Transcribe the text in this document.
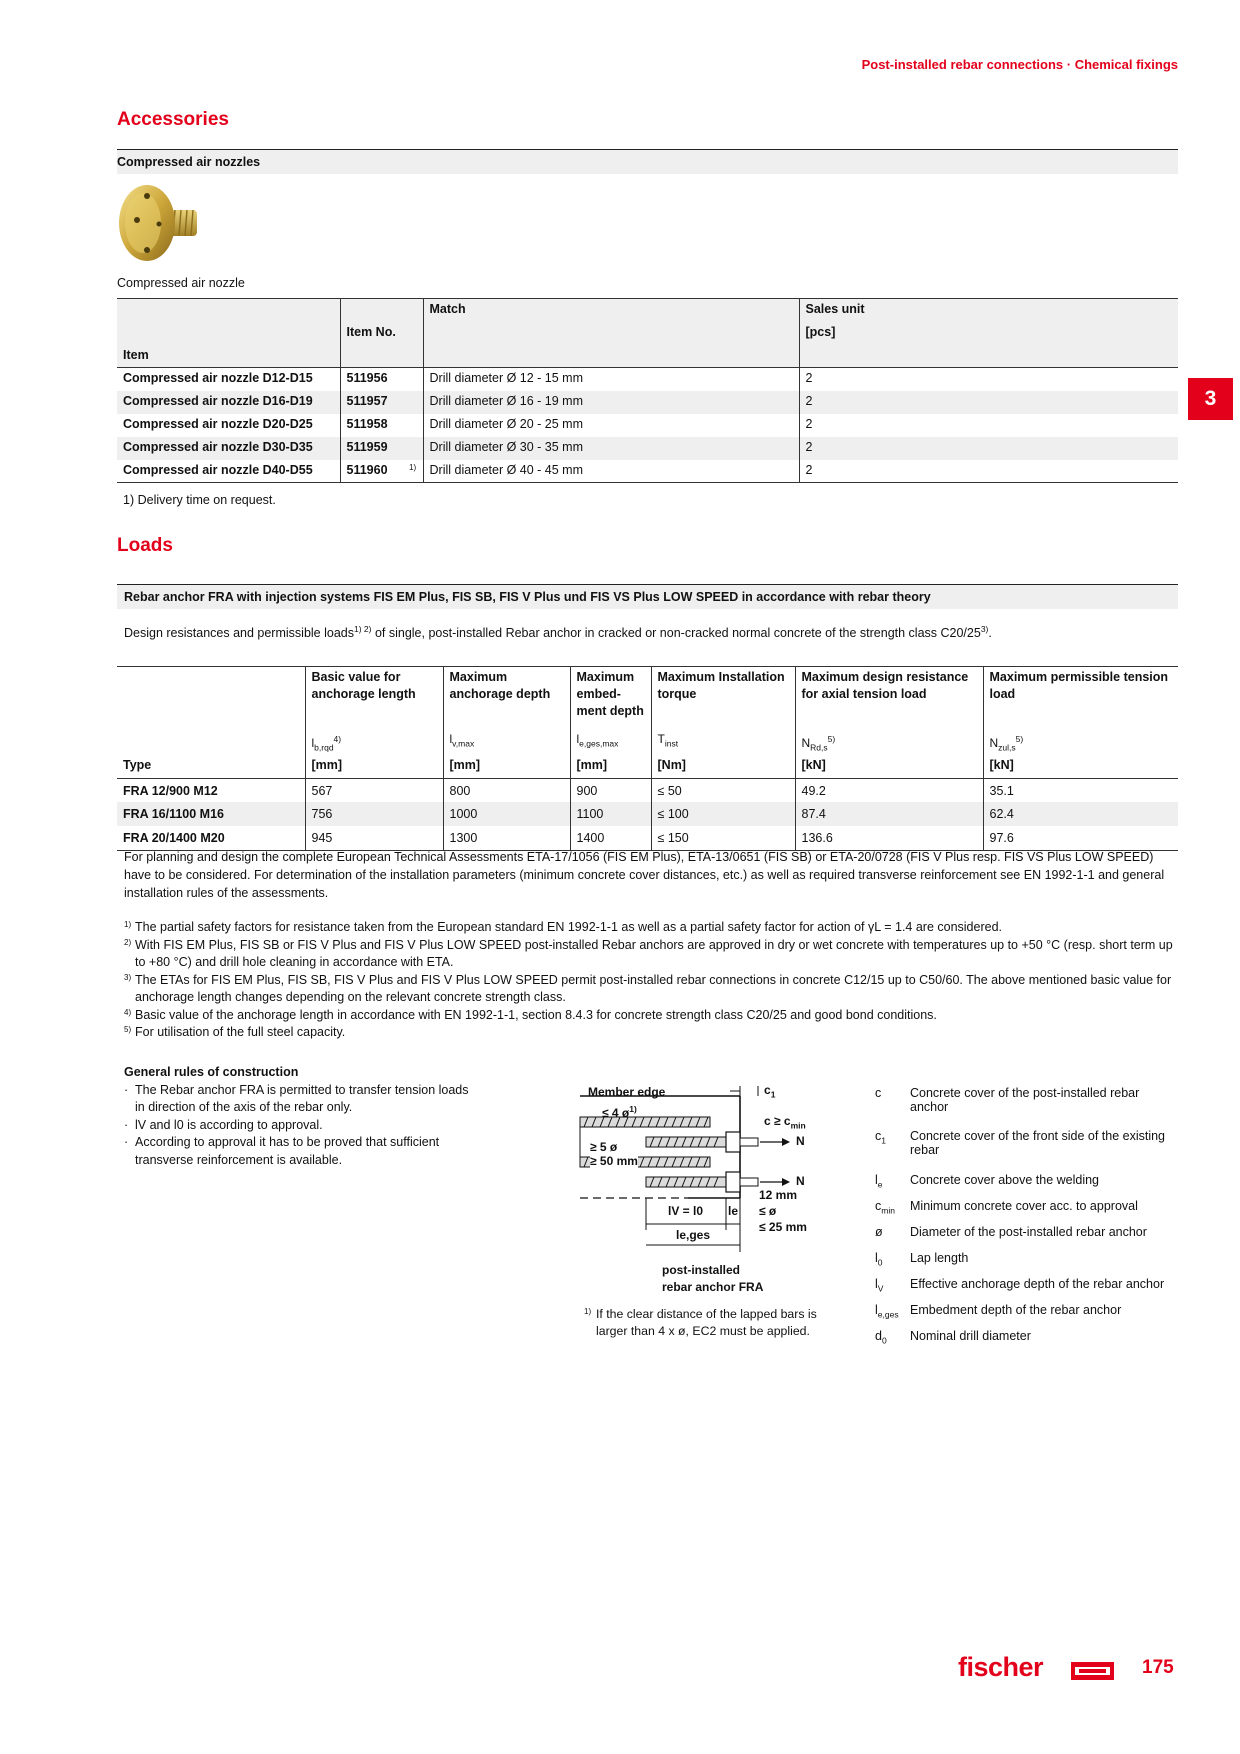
Post-installed rebar connections · Chemical fixings
3
Accessories
Compressed air nozzles
Compressed air nozzle
			Match	Sales unit
	Item No.			[pcs]
Item				
Compressed air nozzle D12-D15	511956		Drill diameter Ø 12 - 15 mm	2
Compressed air nozzle D16-D19	511957		Drill diameter Ø 16 - 19 mm	2
Compressed air nozzle D20-D25	511958		Drill diameter Ø 20 - 25 mm	2
Compressed air nozzle D30-D35	511959		Drill diameter Ø 30 - 35 mm	2
Compressed air nozzle D40-D55	511960	1)	Drill diameter Ø 40 - 45 mm	2
1) Delivery time on request.
Loads
Rebar anchor FRA with injection systems FIS EM Plus, FIS SB, FIS V Plus und FIS VS Plus LOW SPEED in accordance with rebar theory
Design resistances and permissible loads$^{1) 2)}$ of single, post-installed Rebar anchor in cracked or non-cracked normal concrete of the strength class C20/25$^{3)}$.
	Basic value for anchorage length	Maximum anchorage depth	Maximum embed-ment depth	Maximum Installation torque	Maximum design resistance for axial tension load	Maximum permissible tension load
	$l_{b,rqd}^{4)}$	$l_{v,max}$	$l_{e,ges,max}$	$T_{inst}$	$N_{Rd,s}^{5)}$	$N_{zul,s}^{5)}$
Type	[mm]	[mm]	[mm]	[Nm]	[kN]	[kN]
FRA 12/900 M12	567	800	900	≤ 50	49.2	35.1
FRA 16/1100 M16	756	1000	1100	≤ 100	87.4	62.4
FRA 20/1400 M20	945	1300	1400	≤ 150	136.6	97.6
For planning and design the complete European Technical Assessments ETA-17/1056 (FIS EM Plus), ETA-13/0651 (FIS SB) or ETA-20/0728 (FIS V Plus resp. FIS VS Plus LOW SPEED) have to be considered. For determination of the installation parameters (minimum concrete cover distances, etc.) as well as required transverse reinforcement see EN 1992-1-1 and general installation rules of the assessments.
1) The partial safety factors for resistance taken from the European standard EN 1992-1-1 as well as a partial safety factor for action of γL = 1.4 are considered.
2) With FIS EM Plus, FIS SB or FIS V Plus and FIS V Plus LOW SPEED post-installed Rebar anchors are approved in dry or wet concrete with temperatures up to +50 °C (resp. short term up to +80 °C) and drill hole cleaning in accordance with ETA.
3) The ETAs for FIS EM Plus, FIS SB, FIS V Plus and FIS V Plus LOW SPEED permit post-installed rebar connections in concrete C12/15 up to C50/60. The above mentioned basic value for anchorage length changes depending on the relevant concrete strength class.
4) Basic value of the anchorage length in accordance with EN 1992-1-1, section 8.4.3 for concrete strength class C20/25 and good bond conditions.
5) For utilisation of the full steel capacity.
General rules of construction
· The Rebar anchor FRA is permitted to transfer tension loads in direction of the axis of the rebar only.
· lV and l0 is according to approval.
· According to approval it has to be proved that sufficient transverse reinforcement is available.
Member edge	$c_1$
≤ 4 $ø^{1)}$
$c \ge c_{min}$
N
N
≥ 5 ø
≥ 50 mm
12 mm
≤ ø
≤ 25 mm
lV = l0 le
le,ges
post-installed
rebar anchor FRA
1) If the clear distance of the lapped bars is larger than 4 x ø, EC2 must be applied.
c	Concrete cover of the post-installed rebar anchor

$c_1$	Concrete cover of the front side of the existing rebar
$l_e$	Concrete cover above the welding
$c_{min}$	Minimum concrete cover acc. to approval
ø	Diameter of the post-installed rebar anchor
$l_0$	Lap length
$l_V$	Effective anchorage depth of the rebar anchor
$l_{e,ges}$	Embedment depth of the rebar anchor
$d_0$	Nominal drill diameter
fischer	175
